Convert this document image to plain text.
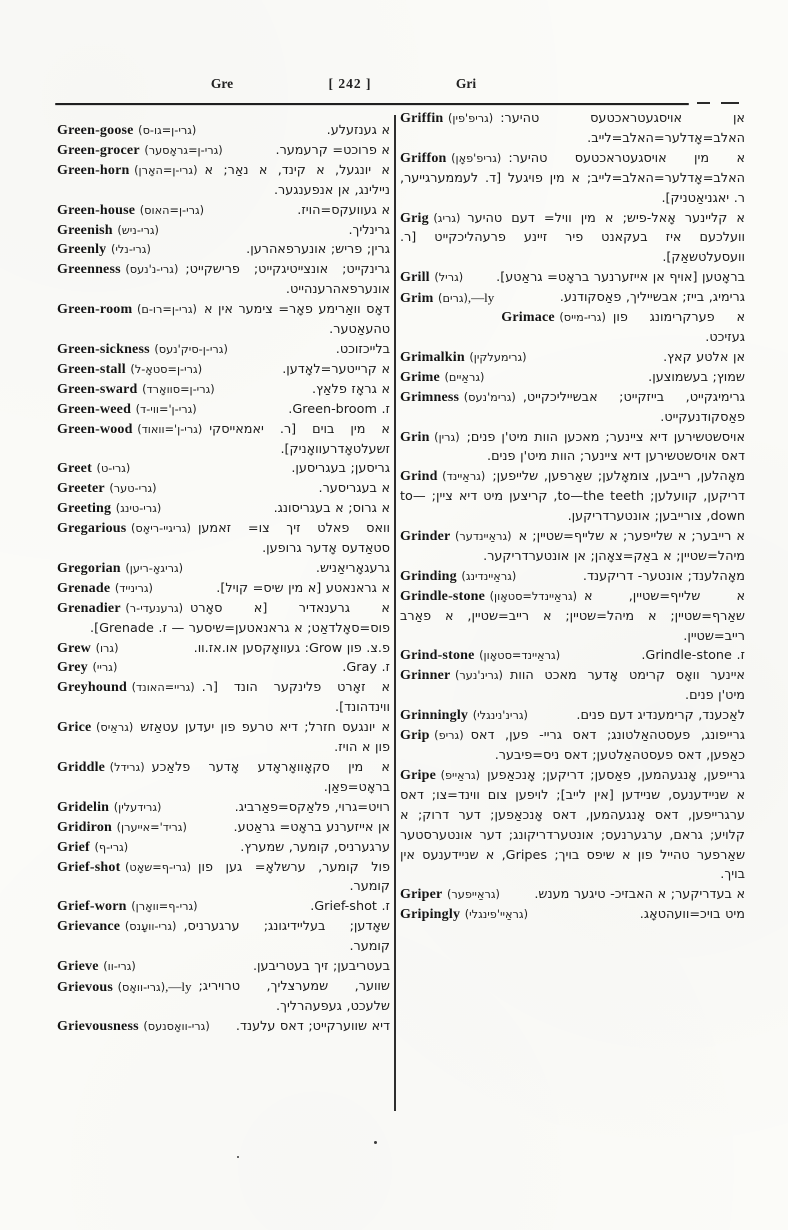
Gre	[ 242 ]	Gri

Green-goose (גרי-ן=גו-ס)	א גענזעלע.

Green-grocer (גרי-ן=גראָסער)	א פרוכט= קרעמער.

Green-horn (גרי-ן=האָרן) א יונגעל, א קינד, א נאַר; א ניילינג, אן אנפענגער.

Green-house (גרי-ן=האוס)	א געוועקס=הויז.

Greenish (גרי-ניש)	גרינליך.

Greenly (גרי-נלי)	גרין; פריש; אונערפאהרען.

Greenness (גרי-נ'נעס) גרינקייט; אונצייטיגקייט; פרישקייט; אונערפאהרענהייט.

Green-room (גרי-ן=רו-ם) דאָס וואַרימע פאָר= צימער אין א טהעאַטער.

Green-sickness (גרי-ן-סיק'נעס)	בלייכזוכט.

Green-stall (גרי-ן=סטאָ-ל)	א קרייטער=לאָדען.

Green-sward (גרי-ן=סוואָרד)	א גראָז פלאַץ.

Green-weed (גרי-ן'=ווי-ד)	ז. Green-broom.

Green-wood (גרי-ן'=וואוד) א מין בוים [ר. יאמאייסקי זשעלטאָדרעוואָניק].

Greet (גרי-ט)	גריסען; בעגריסען.

Greeter (גרי-טער)	א בעגריסער.

Greeting (גרי-טינג)	א גרוס; א בעגריסונג.

Gregarious (גריגיי-ריאָס) וואס פאלט זיך צו= זאמען סטאַדעס אָדער גרופען.

Gregorian (גריגאָ-ריען)	גרעגאָריאַניש.

Grenade (גרינייד)	א גראנאטע [א מין שיס= קויל].

Grenadier (גרענעדי-ר) א גרענאדיר [א סאָרט פוס=סאָלדאַט; א גראנאטען=שיסער — ז. Grenade].

Grew (גרו)	פ.צ. פון Grow: געוואָקסען או.אז.וו.

Grey (גריי)	ז. Gray.

Greyhound (גריי=האונד) א זאָרט פלינקער הונד [ר. ווינדהונד].

Grice (גראַיס) א יונגעס חזרל; דיא טרעפ פון יעדען עטאַזש פון א הויז.

Griddle (גרידל) א מין סקאָוואָראָדע אָדער פלאַכע בראָט=פאַן.

Gridelin (גרידעלין)	רויט=גרוי, פלאַקס=פאַרביג.

Gridiron (גריד'=אייערן)	אן אייזערנע בראָט= גראַטע.

Grief (גרי-ף)	ערגערניס, קומער, שמערץ.

Grief-shot (גרי-ף=שאָט) פול קומער, ערשלאָ= גען פון קומער.

Grief-worn (גרי-ף=וואָרן)	ז. Grief-shot.

Grievance (גרי-וועָנס) שאָדען; בעליידיגונג; ערגערניס, קומער.

Grieve (גרי-וו)	בעטריבען; זיך בעטריבען.

Grievous (גרי-וואָס),—ly שווער, שמערצליך, טרויריג; שלעכט, געפעהרליך.

Grievousness (גרי-וואָסנעס) דיא שווערקייט; דאס עלענד.

Griffin (גריפ'פין) אן אויסגעטראכטעס טהיער: האלב=אָדלער=האלב=לייב.

Griffon (גריפ'פאָן) א מין אויסגעטראכטעס טהיער: האלב=אָדלער=האלב=לייב; א מין פויגעל [ד. לעממערגייער, ר. יאגניאַטניק].

Grig (גריג) א קליינער אָאל-פיש; א מין וויל= דעם טהיער וועלכעם איז בעקאנט פיר זיינע פרעהליכקייט [ר. וועסעלטשאַק].

Grill (גריל)	בראָטען [אויף אן אייזערנער בראָט= גראַטע].

Grim (גרים),—ly	גרימיג, בייז; אבשייליך, פאַסקודנע.

Grimace (גרי-מייס) א פערקרימונג פון געזיכט.

Grimalkin (גרימעלקין)	אן אלטע קאץ.

Grime (גראַיים)	שמוץ; בעשמוצען.

Grimness (גרימ'נעס) גרימיגקייט, בייזקייט; אבשייליכקייט, פאַסקודנעקייט.

Grin (גרין) אויסשטשירען דיא ציינער; מאכען הוות מיט'ן פנים; דאס אויסשטשירען דיא ציינער; הוות מיט'ן פנים.

Grind (גראַיינד) מאָהלען, רייבען, צומאָלען; שאַרפען, שלייפען; דריקען, קוועלען; to—the teeth, קריצען מיט דיא ציין; to—down, צורייבען; אונטערדריקען.

Grinder (גראַיינדער) א רייבער; א שלייפער; א שלייף=שטיין; א מיהל=שטיין; א באַק=צאָהן; אן אונטערדריקער.

Grinding (גראַיינדינג)	מאָהלענד; אונטער- דריקענד.

Grindle-stone (גראַיינדל=סטאָון) א שלייף=שטיין, א שאַרף=שטיין; א מיהל=שטיין; א רייב=שטיין, א פאַרב רייב=שטיין.

Grind-stone (גראַיינד=סטאָון)	ז. Grindle-stone.

Grinner (גרינ'נער) איינער וואָס קרימט אָדער מאכט הוות מיט'ן פנים.

Grinningly (גרינ'נינגלי)	לאַכענד, קרימענדיג דעם פנים.

Grip (גריפ) גרייפונג, פעסטהאַלטונג; דאס גריי- פען, דאס כאַפען, דאס פעסטהאַלטען; דאס ניס=פיבער.

Gripe (גראַייפ) גרייפען, אָנגעהמען, פאַסען; דריקען; אָנכאַפען א שניידענעס, שניידען [אין לייב]; לויפען צום ווינד=צו; דאס ערגרייפען, דאס אָנגעהמען, דאס אָנכאַפען; דער דרוק; א קלויע; גראם, ערגערנעס; אונטערדריקונג; דער אונטערסטער שאַרפער טהייל פון א שיפס בויך; Gripes, א שניידענעס אין בויך.

Griper (גראַייפער)	א בעדריקער; א האבזיכ- טיגער מענש.

Gripingly (גראַיי'פינגלי)	מיט בויכ=וועהטאָג.
